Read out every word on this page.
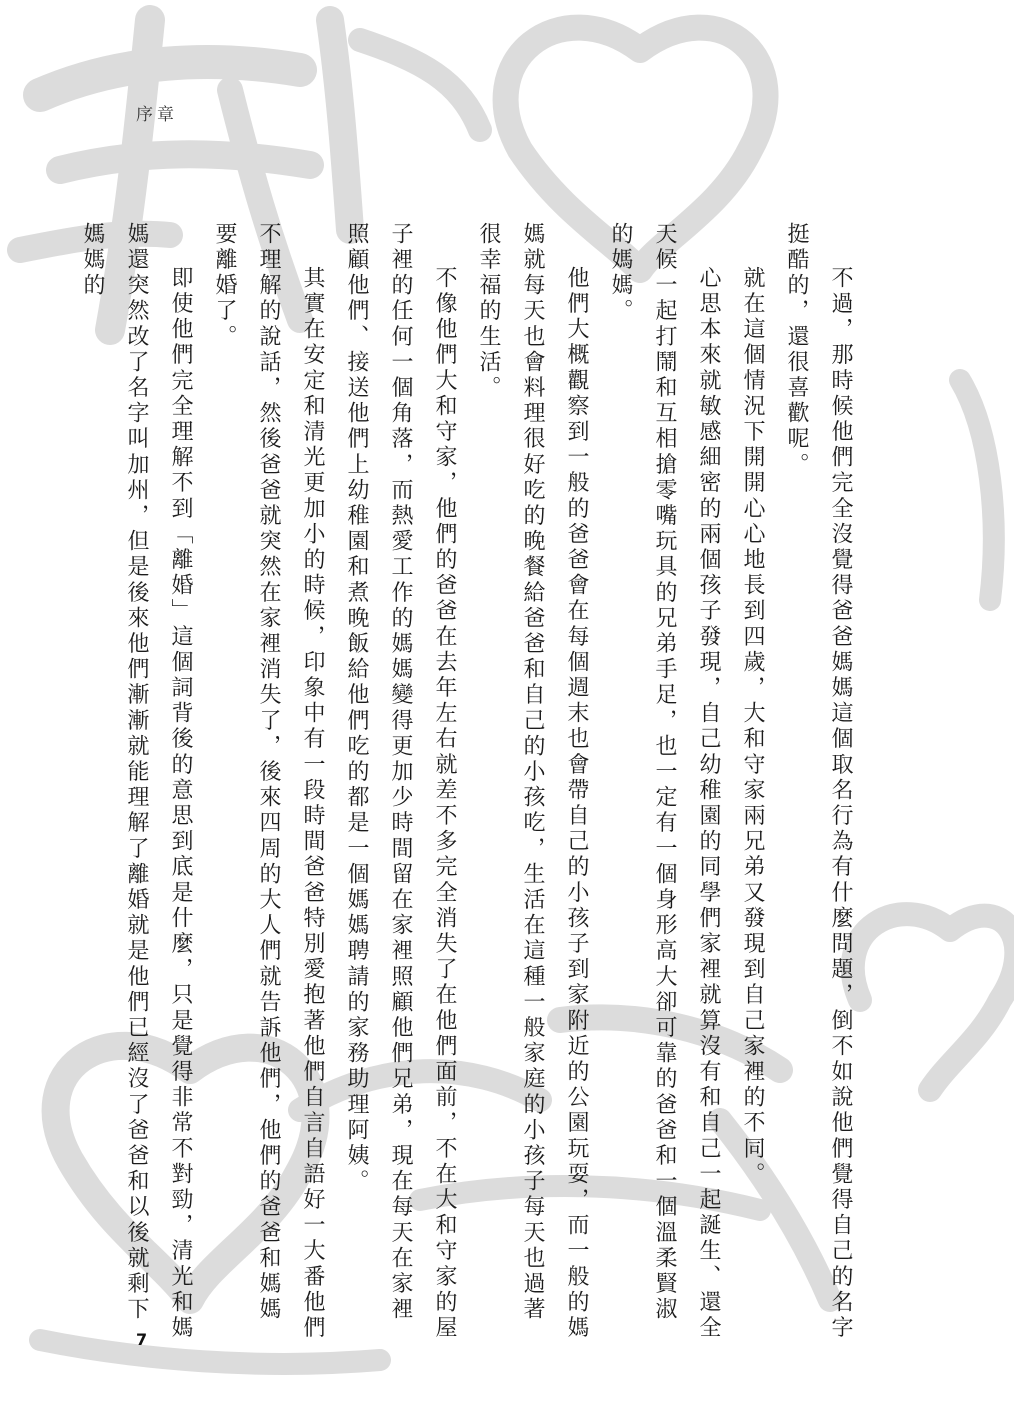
序章

不過，那時候他們完全沒覺得爸爸媽媽這個取名行為有什麼問題，倒不如說他們覺得自己的名字挺酷的，還很喜歡呢。

就在這個情況下開開心心地長到四歲，大和守家兩兄弟又發現到自己家裡的不同。

心思本來就敏感細密的兩個孩子發現，自己幼稚園的同學們家裡就算沒有和自己一起誕生、還全天候一起打鬧和互相搶零嘴玩具的兄弟手足，也一定有一個身形高大卻可靠的爸爸和一個溫柔賢淑的媽媽。

他們大概觀察到一般的爸爸會在每個週末也會帶自己的小孩子到家附近的公園玩耍，而一般的媽媽就每天也會料理很好吃的晚餐給爸爸和自己的小孩吃，生活在這種一般家庭的小孩子每天也過著很幸福的生活。

不像他們大和守家，他們的爸爸在去年左右就差不多完全消失了在他們面前，不在大和守家的屋子裡的任何一個角落，而熱愛工作的媽媽變得更加少時間留在家裡照顧他們兄弟，現在每天在家裡照顧他們、接送他們上幼稚園和煮晚飯給他們吃的都是一個媽媽聘請的家務助理阿姨。

其實在安定和清光更加小的時候，印象中有一段時間爸爸特別愛抱著他們自言自語好一大番他們不理解的說話，然後爸爸就突然在家裡消失了，後來四周的大人們就告訴他們，他們的爸爸和媽媽要離婚了。

即使他們完全理解不到「離婚」這個詞背後的意思到底是什麼，只是覺得非常不對勁，清光和媽媽還突然改了名字叫加州，但是後來他們漸漸就能理解了離婚就是他們已經沒了爸爸和以後就剩下媽媽的

7
